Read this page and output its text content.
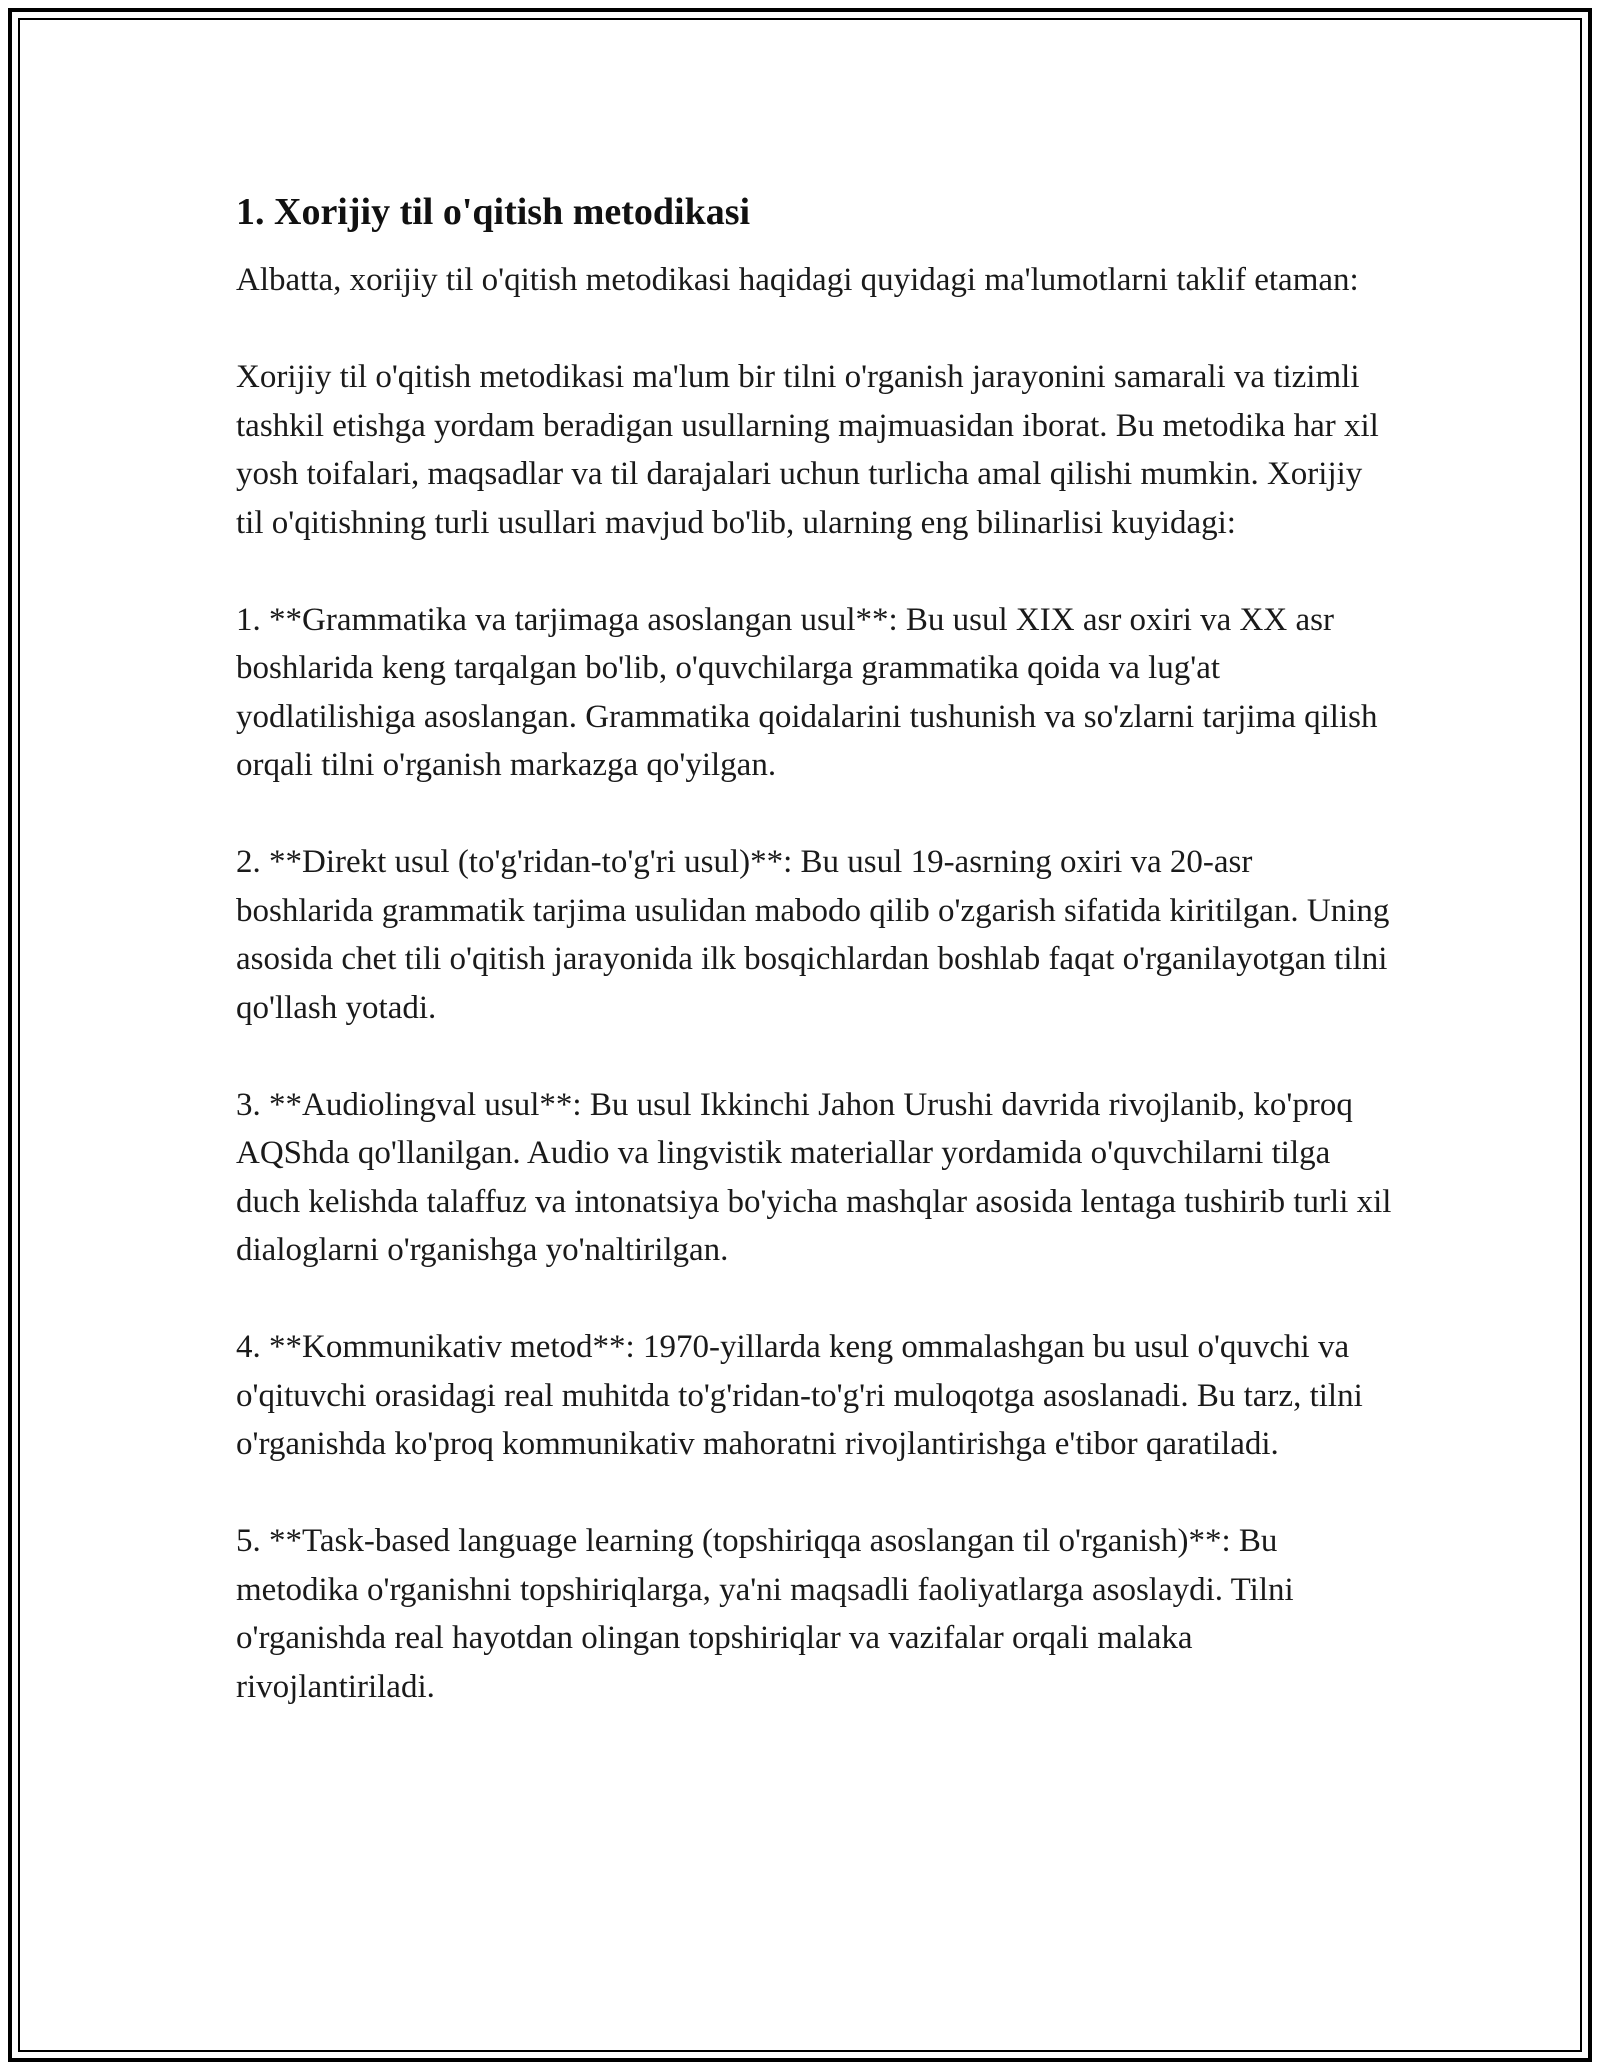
1. Xorijiy til o'qitish metodikasi

Albatta, xorijiy til o'qitish metodikasi haqidagi quyidagi ma'lumotlarni taklif etaman:

Xorijiy til o'qitish metodikasi ma'lum bir tilni o'rganish jarayonini samarali va tizimli tashkil etishga yordam beradigan usullarning majmuasidan iborat. Bu metodika har xil yosh toifalari, maqsadlar va til darajalari uchun turlicha amal qilishi mumkin. Xorijiy til o'qitishning turli usullari mavjud bo'lib, ularning eng bilinarlisi kuyidagi:

1. **Grammatika va tarjimaga asoslangan usul**: Bu usul XIX asr oxiri va XX asr boshlarida keng tarqalgan bo'lib, o'quvchilarga grammatika qoida va lug'at yodlatilishiga asoslangan. Grammatika qoidalarini tushunish va so'zlarni tarjima qilish orqali tilni o'rganish markazga qo'yilgan.

2. **Direkt usul (to'g'ridan-to'g'ri usul)**: Bu usul 19-asrning oxiri va 20-asr boshlarida grammatik tarjima usulidan mabodo qilib o'zgarish sifatida kiritilgan. Uning asosida chet tili o'qitish jarayonida ilk bosqichlardan boshlab faqat o'rganilayotgan tilni qo'llash yotadi.

3. **Audiolingval usul**: Bu usul Ikkinchi Jahon Urushi davrida rivojlanib, ko'proq AQShda qo'llanilgan. Audio va lingvistik materiallar yordamida o'quvchilarni tilga duch kelishda talaffuz va intonatsiya bo'yicha mashqlar asosida lentaga tushirib turli xil dialoglarni o'rganishga yo'naltirilgan.

4. **Kommunikativ metod**: 1970-yillarda keng ommalashgan bu usul o'quvchi va o'qituvchi orasidagi real muhitda to'g'ridan-to'g'ri muloqotga asoslanadi. Bu tarz, tilni o'rganishda ko'proq kommunikativ mahoratni rivojlantirishga e'tibor qaratiladi.

5. **Task-based language learning (topshiriqqa asoslangan til o'rganish)**: Bu metodika o'rganishni topshiriqlarga, ya'ni maqsadli faoliyatlarga asoslaydi. Tilni o'rganishda real hayotdan olingan topshiriqlar va vazifalar orqali malaka rivojlantiriladi.
